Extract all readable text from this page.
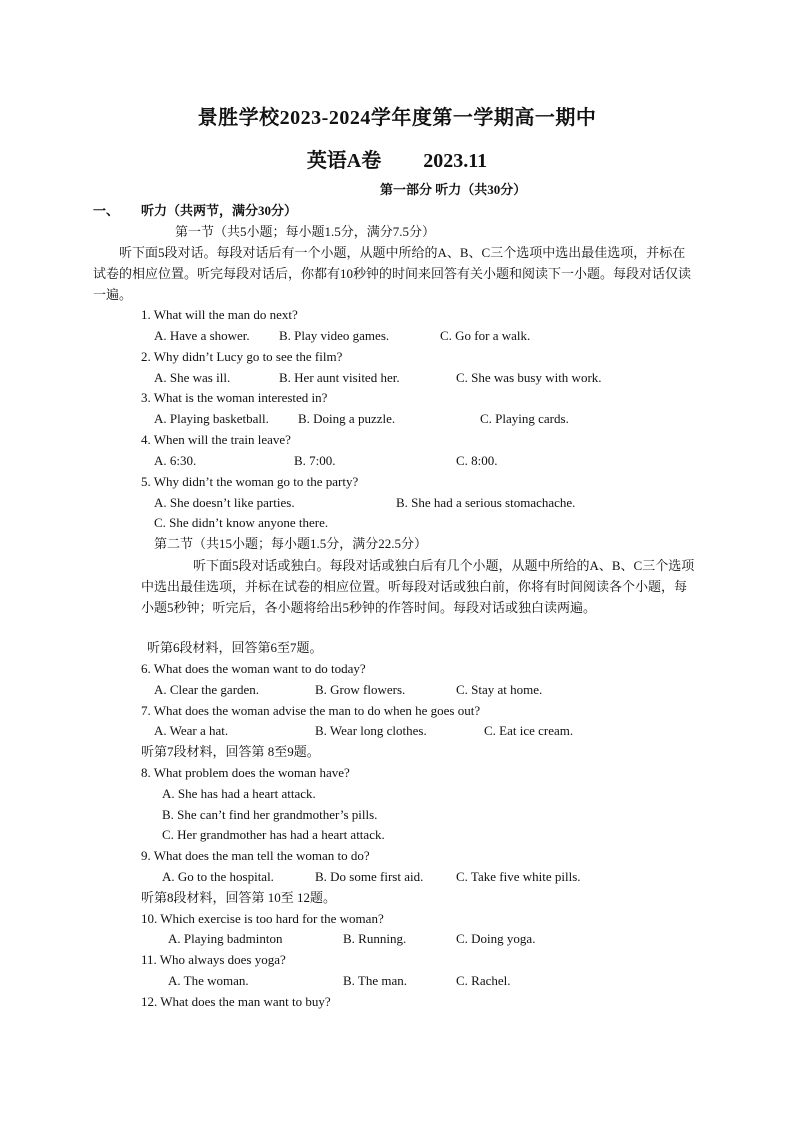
景胜学校2023-2024学年度第一学期高一期中
英语A卷 2023.11
第一部分 听力（共30分）
一、 听力（共两节，满分30分）
第一节（共5小题；每小题1.5分，满分7.5分）
听下面5段对话。每段对话后有一个小题，从题中所给的A、B、C三个选项中选出最佳选项，并标在试卷的相应位置。听完每段对话后，你都有10秒钟的时间来回答有关小题和阅读下一小题。每段对话仅读一遍。
1. What will the man do next?
A. Have a shower. B. Play video games.	C. Go for a walk.
2. Why didn’t Lucy go to see the film?
A. She was ill.	B. Her aunt visited her.	C. She was busy with work.
3. What is the woman interested in?
A. Playing basketball. B. Doing a puzzle.	C. Playing cards.
4. When will the train leave?
A. 6:30.	B. 7:00.	C. 8:00.
5. Why didn’t the woman go to the party?
A. She doesn’t like parties.	B. She had a serious stomachache.
C. She didn’t know anyone there.
第二节（共15小题；每小题1.5分，满分22.5分）
听下面5段对话或独白。每段对话或独白后有几个小题，从题中所给的A、B、C三个选项中选出最佳选项，并标在试卷的相应位置。听每段对话或独白前，你将有时间阅读各个小题，每小题5秒钟；听完后，各小题将给出5秒钟的作答时间。每段对话或独白读两遍。
听第6段材料，回答第6至7题。
6. What does the woman want to do today?
A. Clear the garden.	B. Grow flowers.	C. Stay at home.
7. What does the woman advise the man to do when he goes out?
A. Wear a hat.	B. Wear long clothes.	C. Eat ice cream.
听第7段材料，回答第 8至9题。
8. What problem does the woman have?
A. She has had a heart attack.
B. She can’t find her grandmother’s pills.
C. Her grandmother has had a heart attack.
9. What does the man tell the woman to do?
A. Go to the hospital.	B. Do some first aid.	C. Take five white pills.
听第8段材料，回答第 10至 12题。
10. Which exercise is too hard for the woman?
A. Playing badminton	B. Running.	C. Doing yoga.
11. Who always does yoga?
A. The woman.	B. The man.	C. Rachel.
12. What does the man want to buy?
